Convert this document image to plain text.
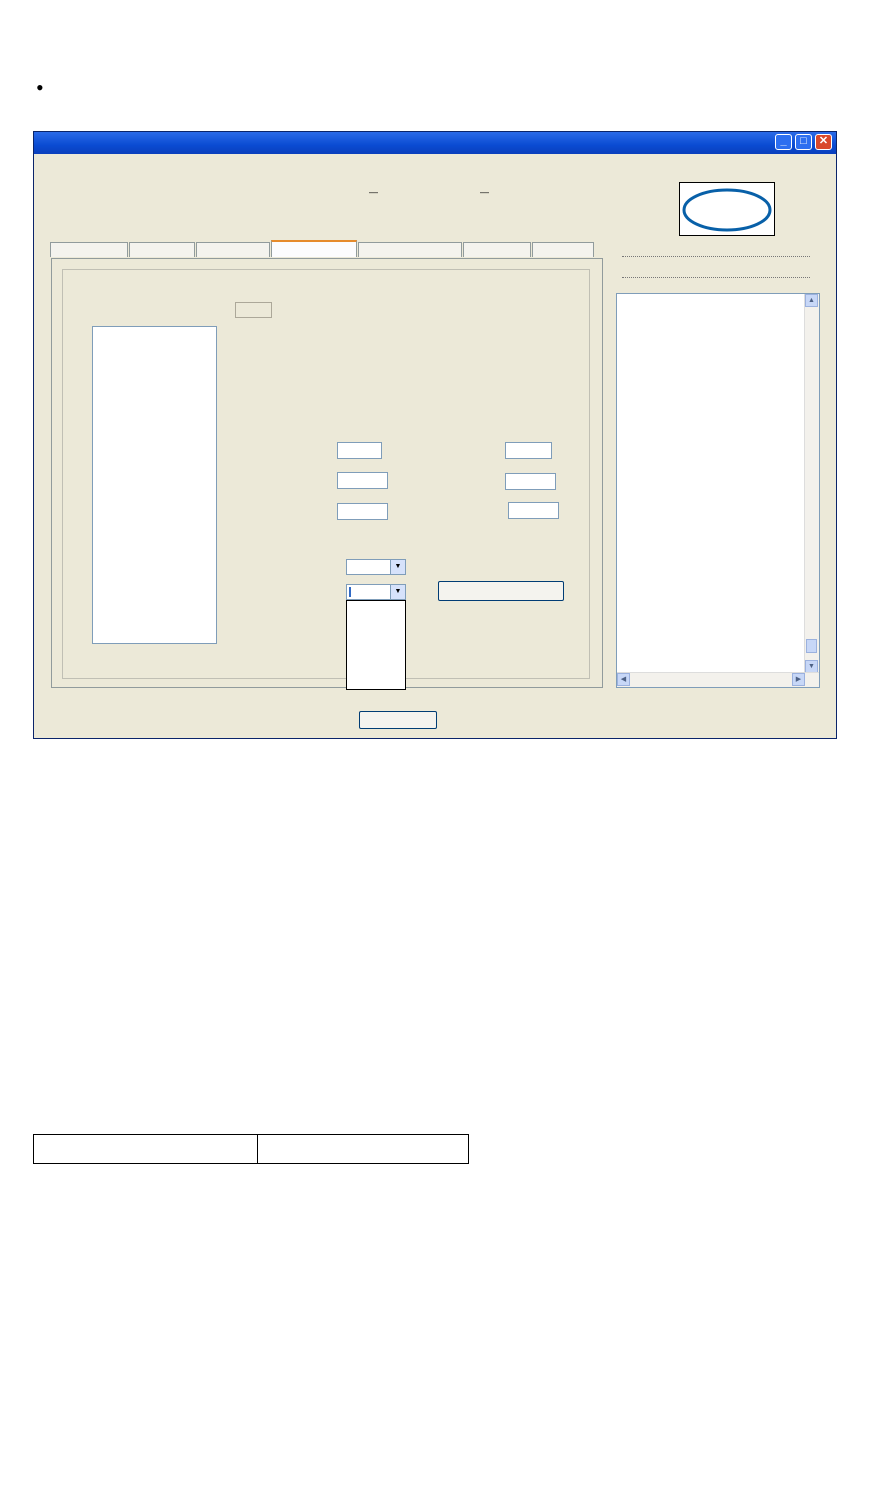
•
_	□	✕
—	—
▼
▼
▲
▼
◀	▶
